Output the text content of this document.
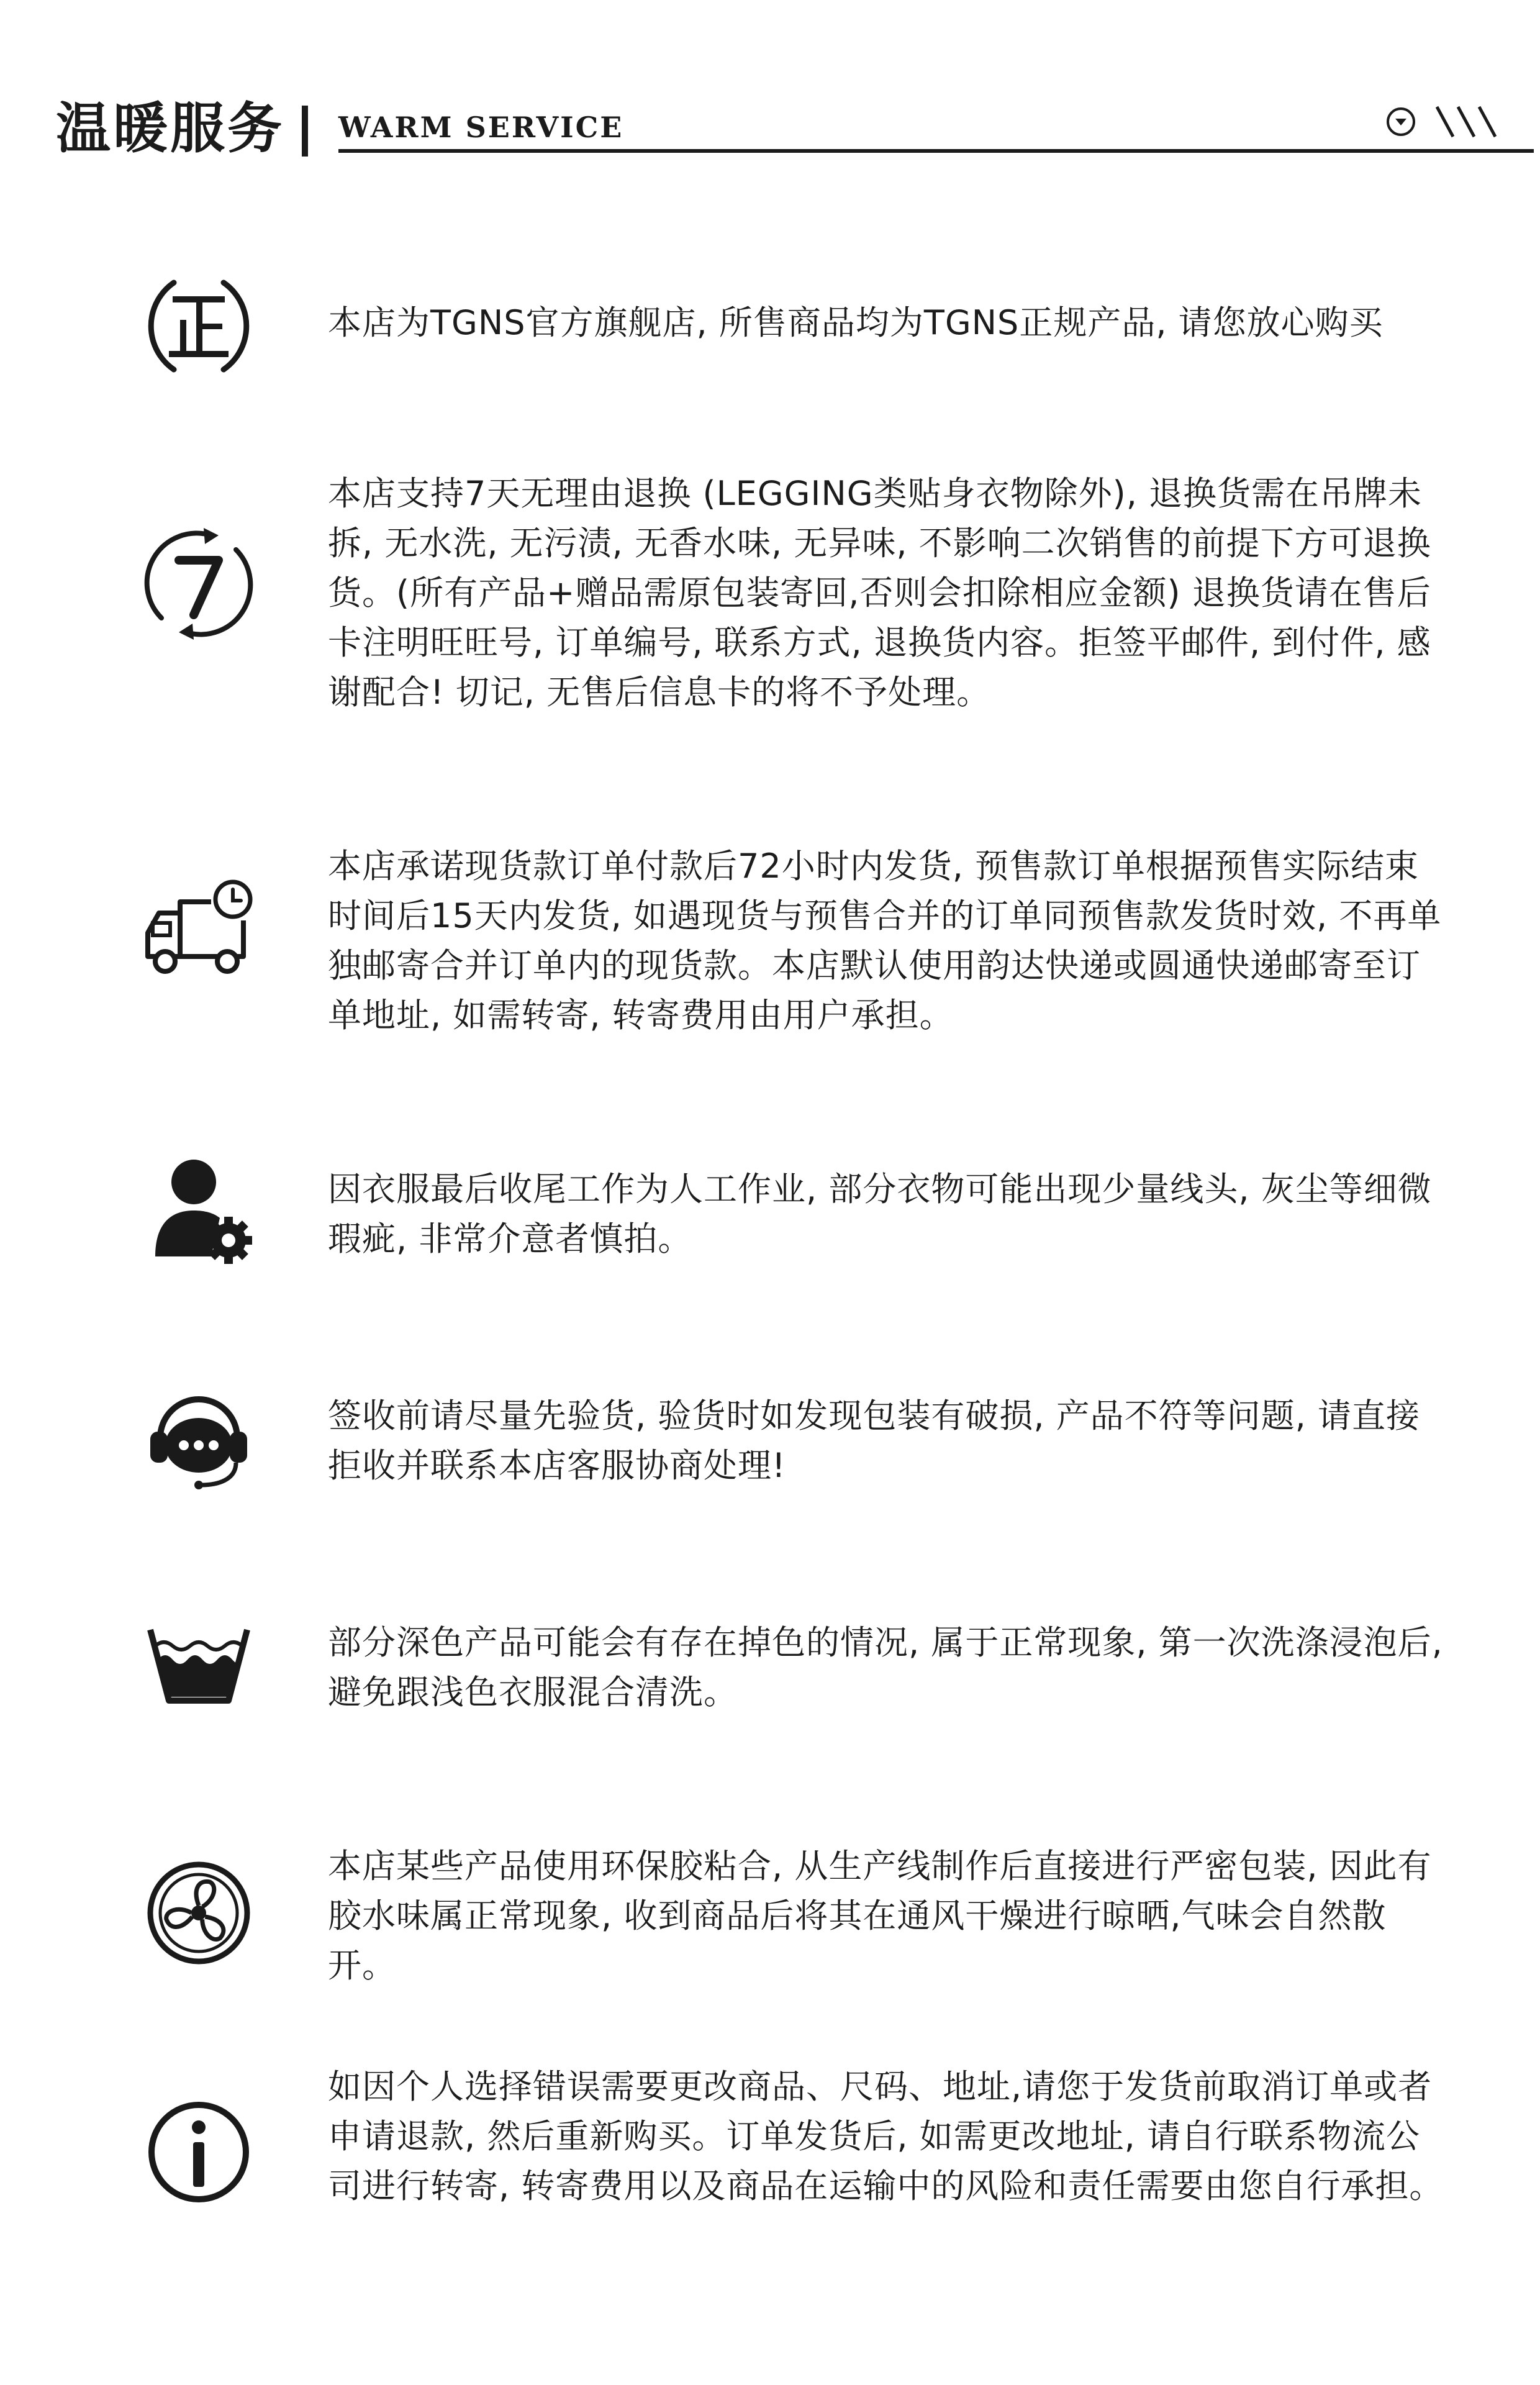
温暖服务 WARM SERVICE
本店为TGNS官方旗舰店, 所售商品均为TGNS正规产品, 请您放心购买
本店支持7天无理由退换 (LEGGING类贴身衣物除外), 退换货需在吊牌未拆, 无水洗, 无污渍, 无香水味, 无异味, 不影响二次销售的前提下方可退换货。(所有产品+赠品需原包装寄回,否则会扣除相应金额) 退换货请在售后卡注明旺旺号, 订单编号, 联系方式, 退换货内容。拒签平邮件, 到付件, 感谢配合! 切记, 无售后信息卡的将不予处理。
本店承诺现货款订单付款后72小时内发货, 预售款订单根据预售实际结束时间后15天内发货, 如遇现货与预售合并的订单同预售款发货时效, 不再单独邮寄合并订单内的现货款。本店默认使用韵达快递或圆通快递邮寄至订单地址, 如需转寄, 转寄费用由用户承担。
因衣服最后收尾工作为人工作业, 部分衣物可能出现少量线头, 灰尘等细微瑕疵, 非常介意者慎拍。
签收前请尽量先验货, 验货时如发现包装有破损, 产品不符等问题, 请直接拒收并联系本店客服协商处理!
部分深色产品可能会有存在掉色的情况, 属于正常现象, 第一次洗涤浸泡后, 避免跟浅色衣服混合清洗。
本店某些产品使用环保胶粘合, 从生产线制作后直接进行严密包装, 因此有胶水味属正常现象, 收到商品后将其在通风干燥进行晾晒,气味会自然散开。
如因个人选择错误需要更改商品、尺码、地址,请您于发货前取消订单或者申请退款, 然后重新购买。订单发货后, 如需更改地址, 请自行联系物流公司进行转寄, 转寄费用以及商品在运输中的风险和责任需要由您自行承担。
